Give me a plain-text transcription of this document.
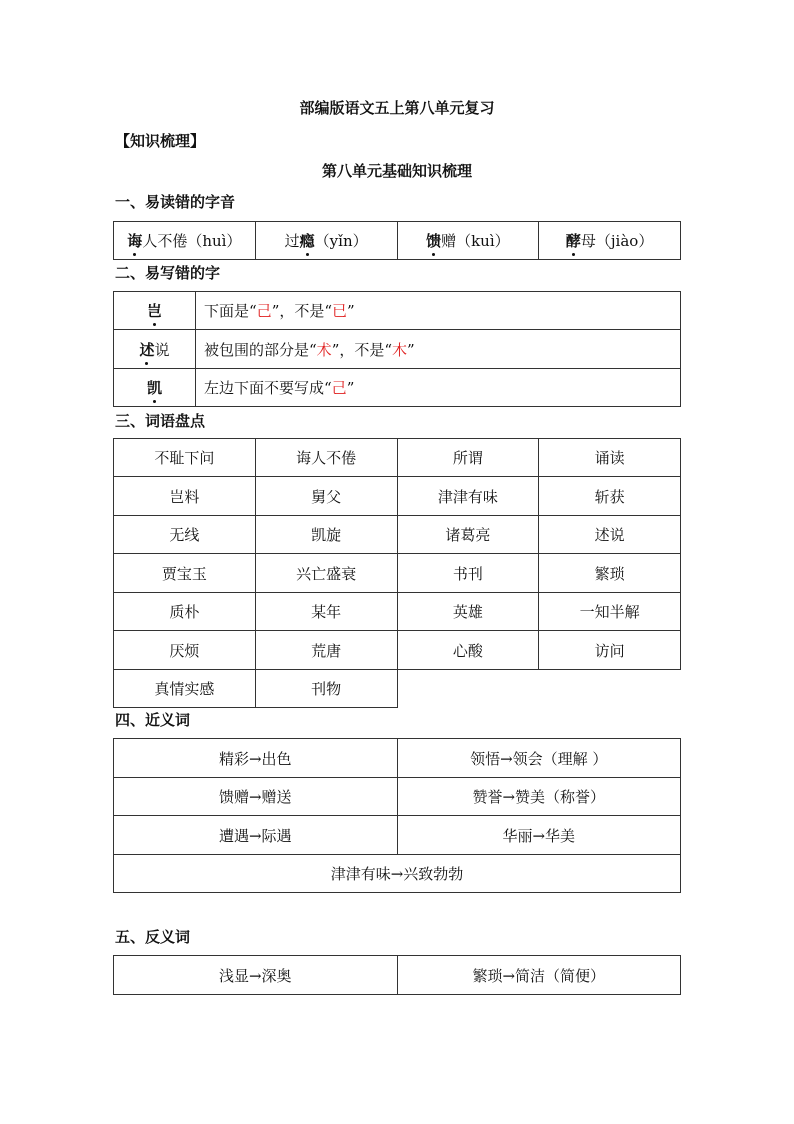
部编版语文五上第八单元复习
【知识梳理】
第八单元基础知识梳理
一、易读错的字音
诲人不倦（huì）	过瘾（yǐn）	馈赠（kuì）	酵母（jiào）
二、易写错的字
岂	下面是“己”，不是“已”
述说	被包围的部分是“术”，不是“木”
凯	左边下面不要写成“己”
三、词语盘点
不耻下问	诲人不倦	所谓	诵读
岂料	舅父	津津有味	斩获
无线	凯旋	诸葛亮	述说
贾宝玉	兴亡盛衰	书刊	繁琐
质朴	某年	英雄	一知半解
厌烦	荒唐	心酸	访问
真情实感	刊物		
四、近义词
精彩→出色	领悟→领会（理解 ）
馈赠→赠送	赞誉→赞美（称誉）
遭遇→际遇	华丽→华美
津津有味→兴致勃勃	
五、反义词
浅显→深奥	繁琐→简洁（简便）
